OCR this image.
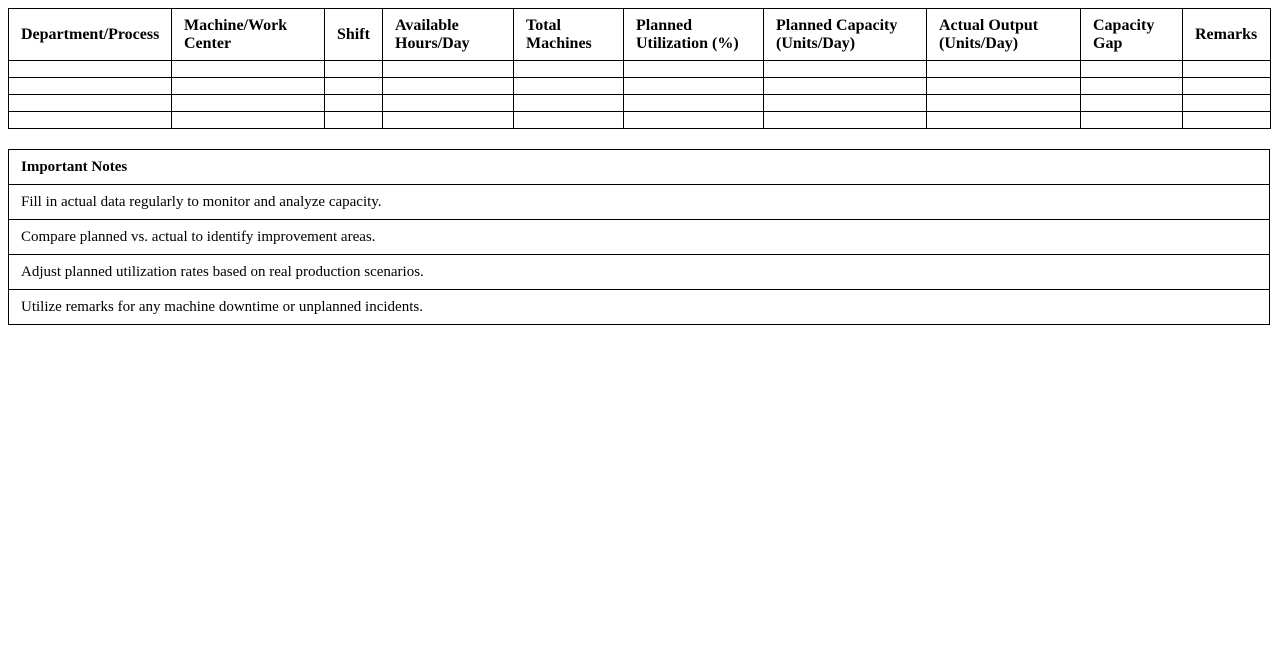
Department/Process	Machine/Work Center	Shift	Available Hours/Day	Total Machines	Planned Utilization (%)	Planned Capacity (Units/Day)	Actual Output (Units/Day)	Capacity Gap	Remarks

Important Notes
Fill in actual data regularly to monitor and analyze capacity.
Compare planned vs. actual to identify improvement areas.
Adjust planned utilization rates based on real production scenarios.
Utilize remarks for any machine downtime or unplanned incidents.
